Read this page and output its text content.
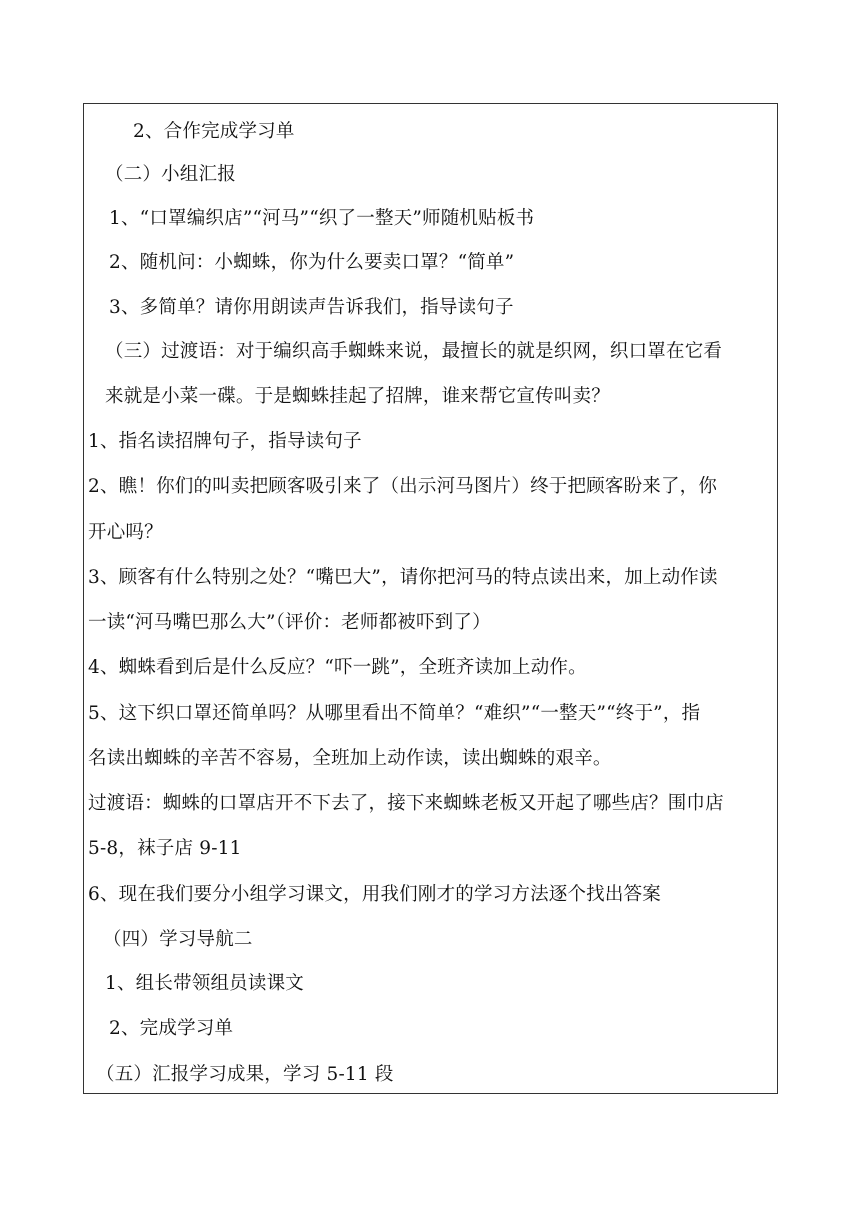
2、合作完成学习单
（二）小组汇报
1、“口罩编织店”“河马”“织了一整天”师随机贴板书
2、随机问：小蜘蛛，你为什么要卖口罩？“简单”
3、多简单？请你用朗读声告诉我们，指导读句子
（三）过渡语：对于编织高手蜘蛛来说，最擅长的就是织网，织口罩在它看
来就是小菜一碟。于是蜘蛛挂起了招牌，谁来帮它宣传叫卖？
1、指名读招牌句子，指导读句子
2、瞧！你们的叫卖把顾客吸引来了（出示河马图片）终于把顾客盼来了，你
开心吗？
3、顾客有什么特别之处？“嘴巴大”，请你把河马的特点读出来，加上动作读
一读“河马嘴巴那么大”（评价：老师都被吓到了）
4、蜘蛛看到后是什么反应？“吓一跳”，全班齐读加上动作。
5、这下织口罩还简单吗？从哪里看出不简单？“难织”“一整天”“终于”，指
名读出蜘蛛的辛苦不容易，全班加上动作读，读出蜘蛛的艰辛。
过渡语：蜘蛛的口罩店开不下去了，接下来蜘蛛老板又开起了哪些店？围巾店
5-8，袜子店 9-11
6、现在我们要分小组学习课文，用我们刚才的学习方法逐个找出答案
（四）学习导航二
1、组长带领组员读课文
2、完成学习单
（五）汇报学习成果，学习 5-11 段
